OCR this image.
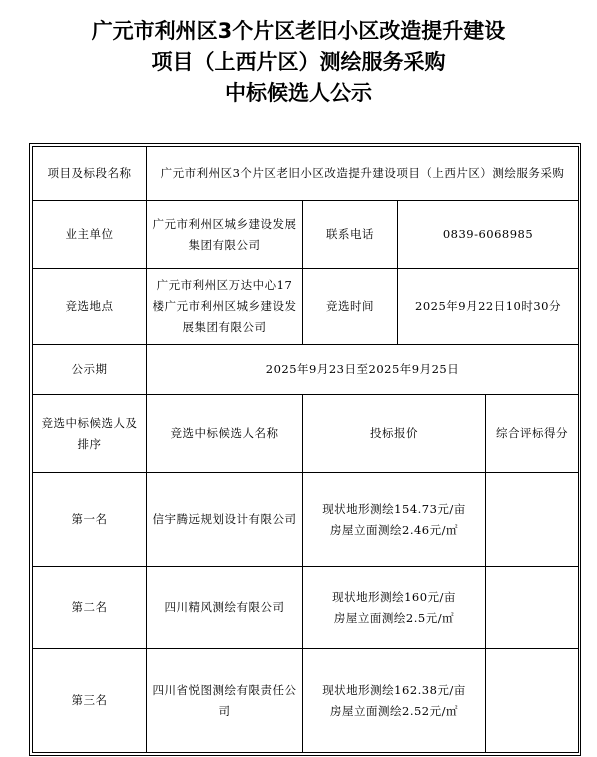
广元市利州区3个片区老旧小区改造提升建设
项目（上西片区）测绘服务采购
中标候选人公示
项目及标段名称	广元市利州区3个片区老旧小区改造提升建设项目（上西片区）测绘服务采购			
业主单位	广元市利州区城乡建设发展集团有限公司	联系电话	0839-6068985	
竞选地点	广元市利州区万达中心17楼广元市利州区城乡建设发展集团有限公司	竞选时间	2025年9月22日10时30分	
公示期	2025年9月23日至2025年9月25日			
竞选中标候选人及排序	竞选中标候选人名称	投标报价		综合评标得分
第一名	信宇腾远规划设计有限公司	现状地形测绘154.73元/亩
房屋立面测绘2.46元/㎡		

第二名	四川精风测绘有限公司	现状地形测绘160元/亩
房屋立面测绘2.5元/㎡		

第三名	四川省悦图测绘有限责任公司	现状地形测绘162.38元/亩
房屋立面测绘2.52元/㎡		
